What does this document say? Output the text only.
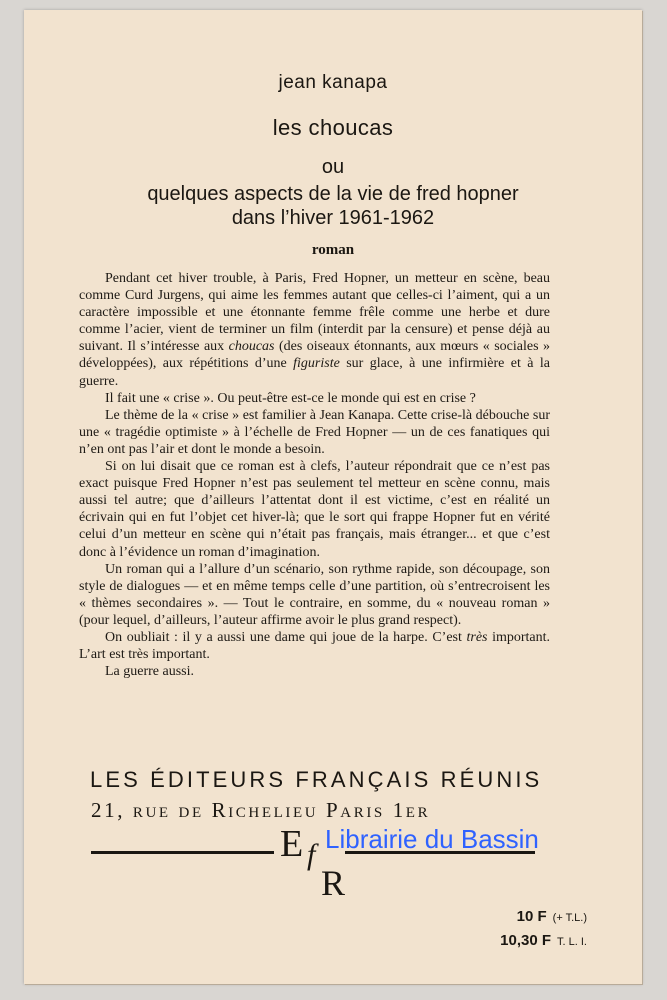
jean kanapa
les choucas
ou
quelques aspects de la vie de fred hopner
dans l’hiver 1961-1962
roman

Pendant cet hiver trouble, à Paris, Fred Hopner, un metteur en scène, beau comme Curd Jurgens, qui aime les femmes autant que celles-ci l’aiment, qui a un caractère impossible et une étonnante femme frêle comme une herbe et dure comme l’acier, vient de terminer un film (interdit par la censure) et pense déjà au suivant. Il s’intéresse aux choucas (des oiseaux étonnants, aux mœurs « sociales » développées), aux répétitions d’une figuriste sur glace, à une infirmière et à la guerre.

Il fait une « crise ». Ou peut-être est-ce le monde qui est en crise ?

Le thème de la « crise » est familier à Jean Kanapa. Cette crise-là débouche sur une « tragédie optimiste » à l’échelle de Fred Hopner — un de ces fanatiques qui n’en ont pas l’air et dont le monde a besoin.

Si on lui disait que ce roman est à clefs, l’auteur répondrait que ce n’est pas exact puisque Fred Hopner n’est pas seulement tel metteur en scène connu, mais aussi tel autre; que d’ailleurs l’attentat dont il est victime, c’est en réalité un écrivain qui en fut l’objet cet hiver-là; que le sort qui frappe Hopner fut en vérité celui d’un metteur en scène qui n’était pas français, mais étranger... et que c’est donc à l’évidence un roman d’imagination.

Un roman qui a l’allure d’un scénario, son rythme rapide, son découpage, son style de dialogues — et en même temps celle d’une partition, où s’entrecroisent les « thèmes secondaires ». — Tout le contraire, en somme, du « nouveau roman » (pour lequel, d’ailleurs, l’auteur affirme avoir le plus grand respect).

On oubliait : il y a aussi une dame qui joue de la harpe. C’est très important. L’art est très important.

La guerre aussi.

LES ÉDITEURS FRANÇAIS RÉUNIS
21, rue de Richelieu Paris 1er
E f
R
Librairie du Bassin
10 F (+ T.L.)
10,30 F T. L. I.
